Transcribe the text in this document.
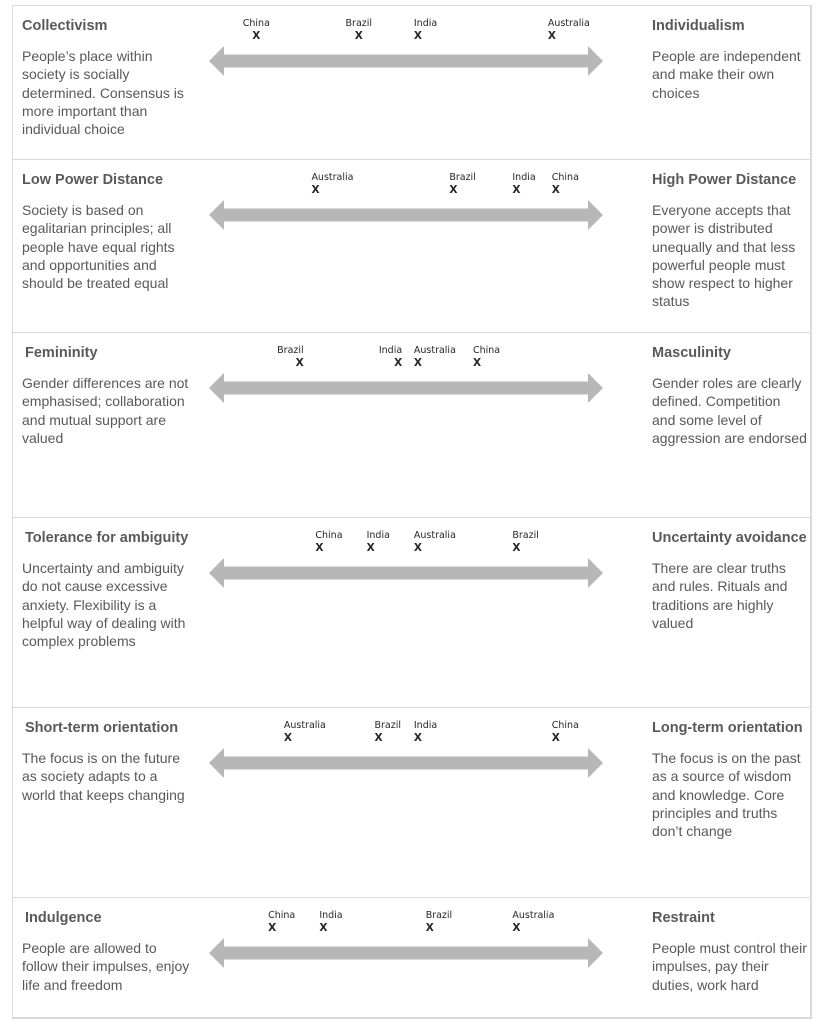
Collectivism

People’s place within society is socially determined. Consensus is more important than individual choice

China
X
Brazil
X
India
X
Australia
X

Individualism

People are independent and make their own choices

Low Power Distance

Society is based on egalitarian principles; all people have equal rights and opportunities and should be treated equal

Australia
X
Brazil
X
India
X
China
X

High Power Distance

Everyone accepts that power is distributed unequally and that less powerful people must show respect to higher status

Femininity

Gender differences are not emphasised; collaboration and mutual support are valued

Brazil
X
India
X
Australia
X
China
X

Masculinity

Gender roles are clearly defined. Competition and some level of aggression are endorsed

Tolerance for ambiguity

Uncertainty and ambiguity do not cause excessive anxiety. Flexibility is a helpful way of dealing with complex problems

China
X
India
X
Australia
X
Brazil
X

Uncertainty avoidance

There are clear truths and rules. Rituals and traditions are highly valued

Short-term orientation

The focus is on the future as society adapts to a world that keeps changing

Australia
X
Brazil
X
India
X
China
X

Long-term orientation

The focus is on the past as a source of wisdom and knowledge. Core principles and truths don’t change

Indulgence

People are allowed to follow their impulses, enjoy life and freedom

China
X
India
X
Brazil
X
Australia
X

Restraint

People must control their impulses, pay their duties, work hard
